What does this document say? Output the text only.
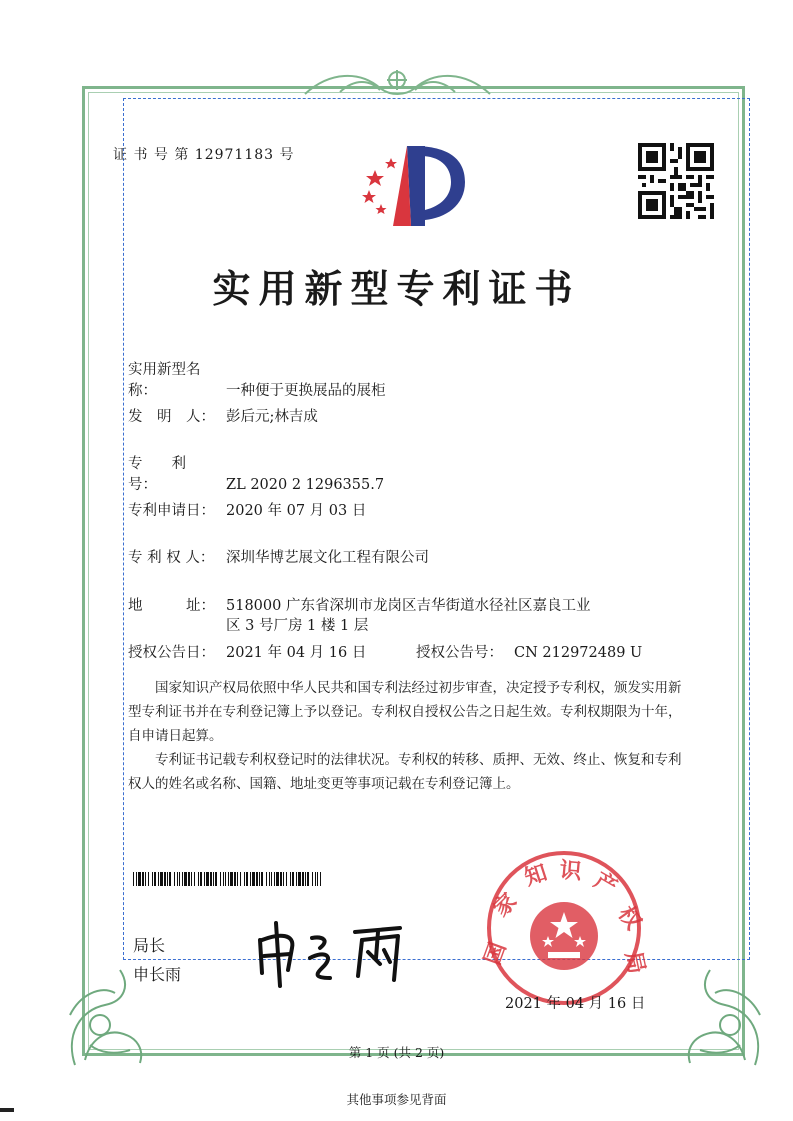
证 书 号 第 12971183 号
实用新型专利证书
实用新型名称：	一种便于更换展品的展柜
发　明　人： 彭后元;林吉成
专　　利　号：	ZL 2020 2 1296355.7
专利申请日： 2020 年 07 月 03 日
专 利 权 人： 深圳华博艺展文化工程有限公司
地　　　址： 518000 广东省深圳市龙岗区吉华街道水径社区嘉良工业
区 3 号厂房 1 楼 1 层
授权公告日： 2021 年 04 月 16 日	授权公告号： CN 212972489 U
国家知识产权局依照中华人民共和国专利法经过初步审查，决定授予专利权，颁发实用新型专利证书并在专利登记簿上予以登记。专利权自授权公告之日起生效。专利权期限为十年，自申请日起算。
专利证书记载专利权登记时的法律状况。专利权的转移、质押、无效、终止、恢复和专利权人的姓名或名称、国籍、地址变更等事项记载在专利登记簿上。
局长
申长雨
国
家
知 识 产
权
局
2021 年 04 月 16 日
第 1 页 (共 2 页)
其他事项参见背面
